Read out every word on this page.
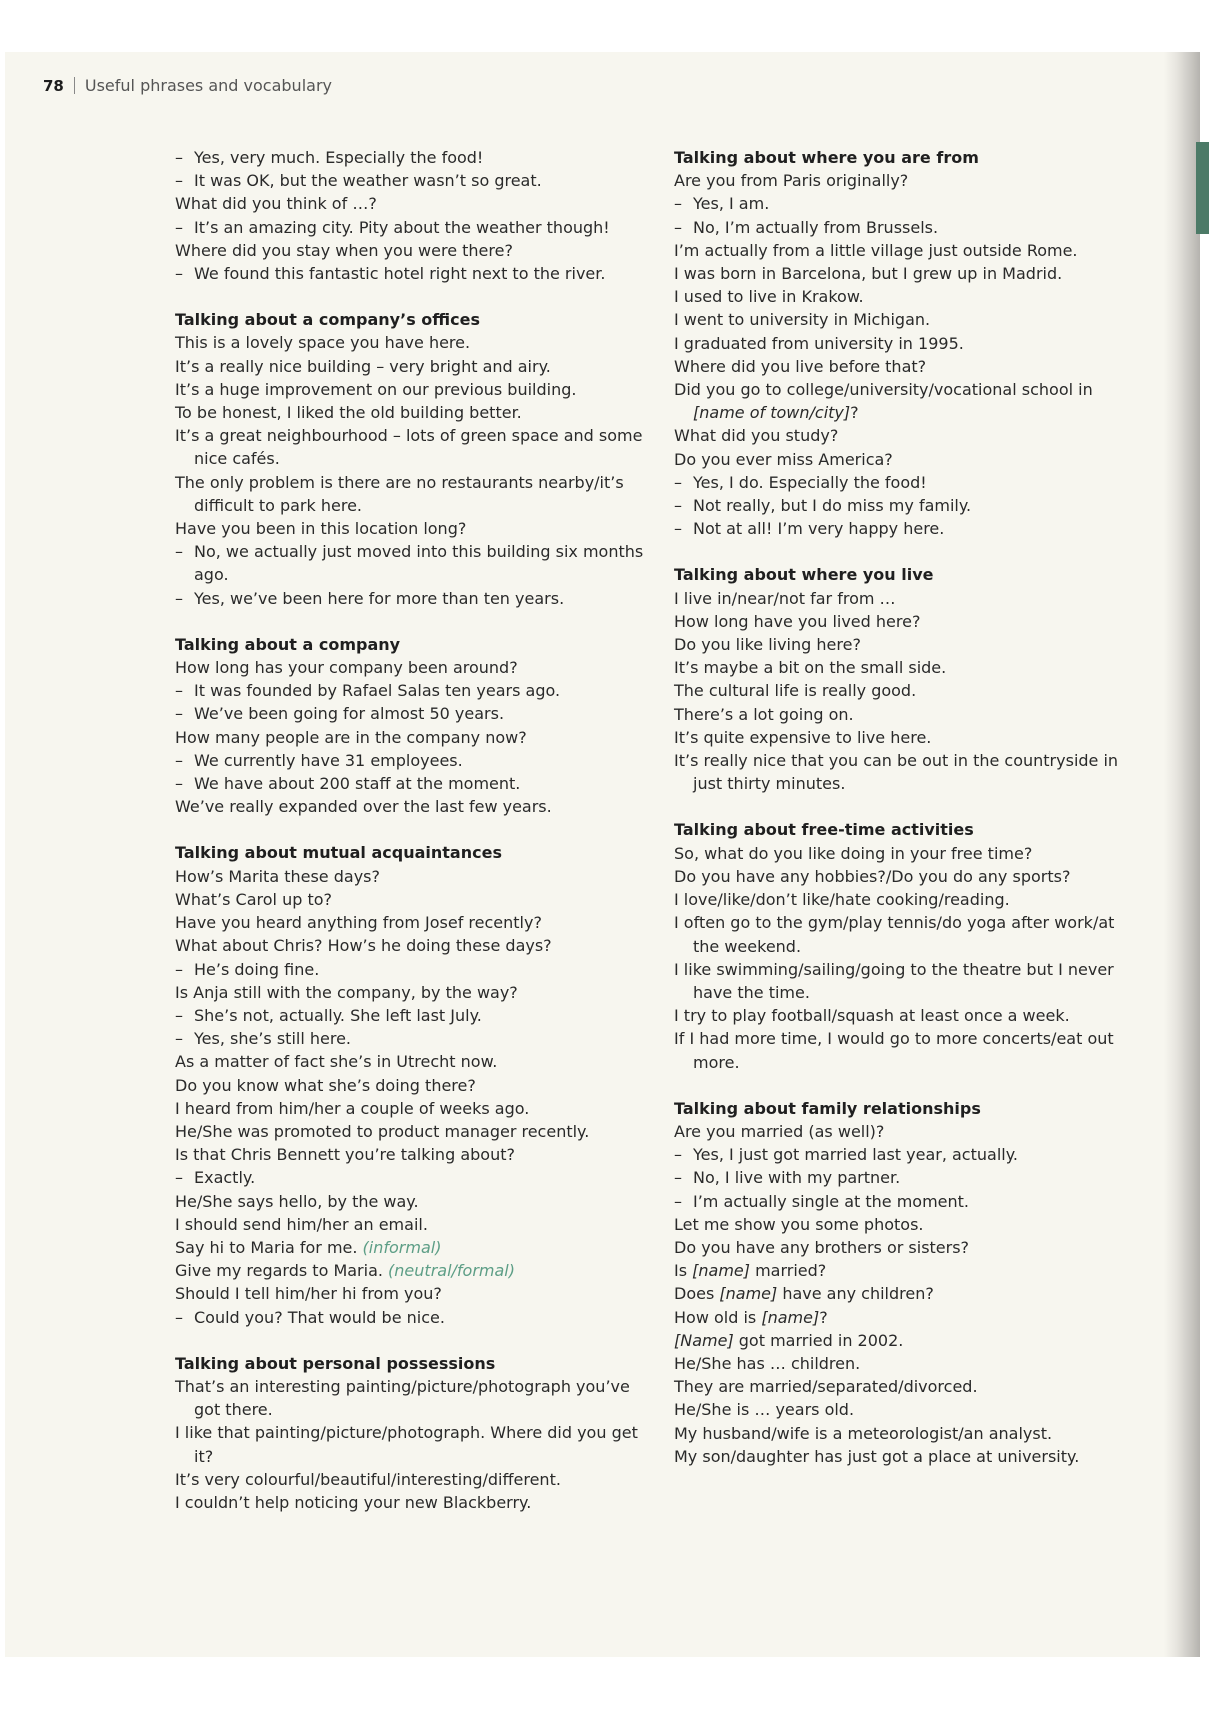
78 Useful phrases and vocabulary
– Yes, very much. Especially the food!
– It was OK, but the weather wasn’t so great.
What did you think of …?
– It’s an amazing city. Pity about the weather though!
Where did you stay when you were there?
– We found this fantastic hotel right next to the river.
Talking about a company’s offices
This is a lovely space you have here.
It’s a really nice building – very bright and airy.
It’s a huge improvement on our previous building.
To be honest, I liked the old building better.
It’s a great neighbourhood – lots of green space and some nice cafés.
The only problem is there are no restaurants nearby/it’s difficult to park here.
Have you been in this location long?
– No, we actually just moved into this building six months ago.
– Yes, we’ve been here for more than ten years.
Talking about a company
How long has your company been around?
– It was founded by Rafael Salas ten years ago.
– We’ve been going for almost 50 years.
How many people are in the company now?
– We currently have 31 employees.
– We have about 200 staff at the moment.
We’ve really expanded over the last few years.
Talking about mutual acquaintances
How’s Marita these days?
What’s Carol up to?
Have you heard anything from Josef recently?
What about Chris? How’s he doing these days?
– He’s doing fine.
Is Anja still with the company, by the way?
– She’s not, actually. She left last July.
– Yes, she’s still here.
As a matter of fact she’s in Utrecht now.
Do you know what she’s doing there?
I heard from him/her a couple of weeks ago.
He/She was promoted to product manager recently.
Is that Chris Bennett you’re talking about?
– Exactly.
He/She says hello, by the way.
I should send him/her an email.
Say hi to Maria for me. (informal)
Give my regards to Maria. (neutral/formal)
Should I tell him/her hi from you?
– Could you? That would be nice.
Talking about personal possessions
That’s an interesting painting/picture/photograph you’ve got there.
I like that painting/picture/photograph. Where did you get it?
It’s very colourful/beautiful/interesting/different.
I couldn’t help noticing your new Blackberry.
Talking about where you are from
Are you from Paris originally?
– Yes, I am.
– No, I’m actually from Brussels.
I’m actually from a little village just outside Rome.
I was born in Barcelona, but I grew up in Madrid.
I used to live in Krakow.
I went to university in Michigan.
I graduated from university in 1995.
Where did you live before that?
Did you go to college/university/vocational school in [name of town/city]?
What did you study?
Do you ever miss America?
– Yes, I do. Especially the food!
– Not really, but I do miss my family.
– Not at all! I’m very happy here.
Talking about where you live
I live in/near/not far from …
How long have you lived here?
Do you like living here?
It’s maybe a bit on the small side.
The cultural life is really good.
There’s a lot going on.
It’s quite expensive to live here.
It’s really nice that you can be out in the countryside in just thirty minutes.
Talking about free-time activities
So, what do you like doing in your free time?
Do you have any hobbies?/Do you do any sports?
I love/like/don’t like/hate cooking/reading.
I often go to the gym/play tennis/do yoga after work/at the weekend.
I like swimming/sailing/going to the theatre but I never have the time.
I try to play football/squash at least once a week.
If I had more time, I would go to more concerts/eat out more.
Talking about family relationships
Are you married (as well)?
– Yes, I just got married last year, actually.
– No, I live with my partner.
– I’m actually single at the moment.
Let me show you some photos.
Do you have any brothers or sisters?
Is [name] married?
Does [name] have any children?
How old is [name]?
[Name] got married in 2002.
He/She has … children.
They are married/separated/divorced.
He/She is … years old.
My husband/wife is a meteorologist/an analyst.
My son/daughter has just got a place at university.
